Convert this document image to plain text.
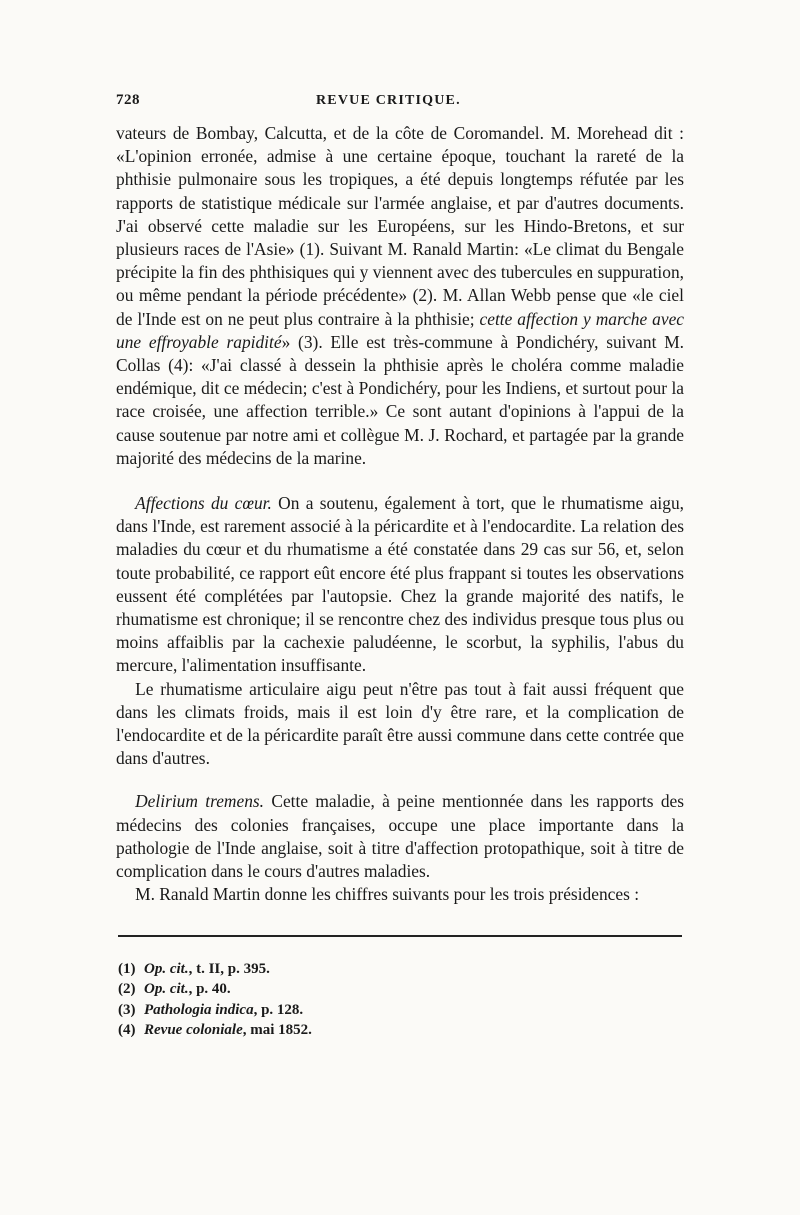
728	REVUE CRITIQUE.

vateurs de Bombay, Calcutta, et de la côte de Coromandel. M. Morehead dit : «L'opinion erronée, admise à une certaine époque, touchant la rareté de la phthisie pulmonaire sous les tropiques, a été depuis longtemps réfutée par les rapports de statistique médicale sur l'armée anglaise, et par d'autres documents. J'ai observé cette maladie sur les Européens, sur les Hindo-Bretons, et sur plusieurs races de l'Asie» (1). Suivant M. Ranald Martin: «Le climat du Bengale précipite la fin des phthisiques qui y viennent avec des tubercules en suppuration, ou même pendant la période précédente» (2). M. Allan Webb pense que «le ciel de l'Inde est on ne peut plus contraire à la phthisie; cette affection y marche avec une effroyable rapidité» (3). Elle est très-commune à Pondichéry, suivant M. Collas (4): «J'ai classé à dessein la phthisie après le choléra comme maladie endémique, dit ce médecin; c'est à Pondichéry, pour les Indiens, et surtout pour la race croisée, une affection terrible.» Ce sont autant d'opinions à l'appui de la cause soutenue par notre ami et collègue M. J. Rochard, et partagée par la grande majorité des médecins de la marine.

Affections du cœur. On a soutenu, également à tort, que le rhumatisme aigu, dans l'Inde, est rarement associé à la péricardite et à l'endocardite. La relation des maladies du cœur et du rhumatisme a été constatée dans 29 cas sur 56, et, selon toute probabilité, ce rapport eût encore été plus frappant si toutes les observations eussent été complétées par l'autopsie. Chez la grande majorité des natifs, le rhumatisme est chronique; il se rencontre chez des individus presque tous plus ou moins affaiblis par la cachexie paludéenne, le scorbut, la syphilis, l'abus du mercure, l'alimentation insuffisante.

Le rhumatisme articulaire aigu peut n'être pas tout à fait aussi fréquent que dans les climats froids, mais il est loin d'y être rare, et la complication de l'endocardite et de la péricardite paraît être aussi commune dans cette contrée que dans d'autres.

Delirium tremens. Cette maladie, à peine mentionnée dans les rapports des médecins des colonies françaises, occupe une place importante dans la pathologie de l'Inde anglaise, soit à titre d'affection protopathique, soit à titre de complication dans le cours d'autres maladies.

M. Ranald Martin donne les chiffres suivants pour les trois présidences :

(1) Op. cit., t. II, p. 395.
(2) Op. cit., p. 40.
(3) Pathologia indica, p. 128.
(4) Revue coloniale, mai 1852.
